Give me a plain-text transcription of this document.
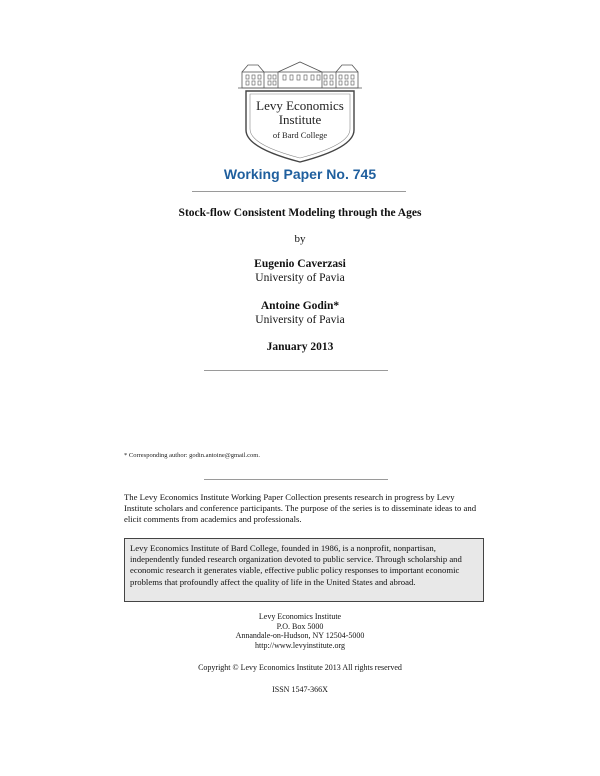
Levy Economics
Institute
of Bard College
Working Paper No. 745
Stock-flow Consistent Modeling through the Ages
by
Eugenio Caverzasi
University of Pavia
Antoine Godin*
University of Pavia
January 2013
* Corresponding author: godin.antoine@gmail.com.
The Levy Economics Institute Working Paper Collection presents research in progress by Levy Institute scholars and conference participants. The purpose of the series is to disseminate ideas to and elicit comments from academics and professionals.
Levy Economics Institute of Bard College, founded in 1986, is a nonprofit, nonpartisan, independently funded research organization devoted to public service. Through scholarship and economic research it generates viable, effective public policy responses to important economic problems that profoundly affect the quality of life in the United States and abroad.
Levy Economics Institute
P.O. Box 5000
Annandale-on-Hudson, NY 12504-5000
http://www.levyinstitute.org
Copyright © Levy Economics Institute 2013 All rights reserved
ISSN 1547-366X
